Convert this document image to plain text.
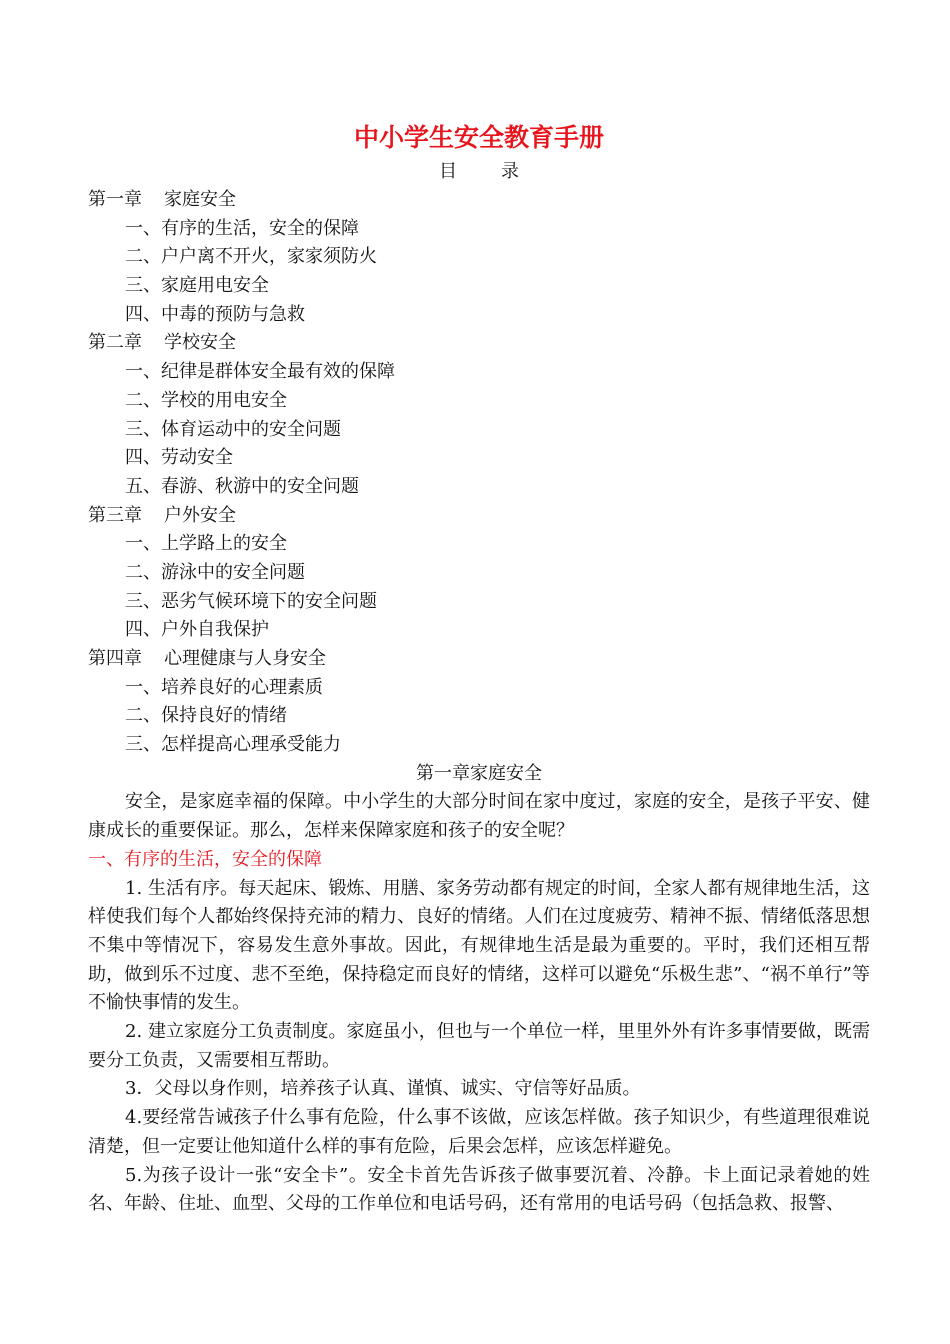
中小学生安全教育手册
目 录
第一章 家庭安全
一、有序的生活，安全的保障
二、户户离不开火，家家须防火
三、家庭用电安全
四、中毒的预防与急救
第二章 学校安全
一、纪律是群体安全最有效的保障
二、学校的用电安全
三、体育运动中的安全问题
四、劳动安全
五、春游、秋游中的安全问题
第三章 户外安全
一、上学路上的安全
二、游泳中的安全问题
三、恶劣气候环境下的安全问题
四、户外自我保护
第四章 心理健康与人身安全
一、培养良好的心理素质
二、保持良好的情绪
三、怎样提高心理承受能力
第一章家庭安全

安全，是家庭幸福的保障。中小学生的大部分时间在家中度过，家庭的安全，是孩子平安、健康成长的重要保证。那么，怎样来保障家庭和孩子的安全呢？

一、有序的生活，安全的保障

1. 生活有序。每天起床、锻炼、用膳、家务劳动都有规定的时间，全家人都有规律地生活，这样使我们每个人都始终保持充沛的精力、良好的情绪。人们在过度疲劳、精神不振、情绪低落思想不集中等情况下，容易发生意外事故。因此，有规律地生活是最为重要的。平时，我们还相互帮助，做到乐不过度、悲不至绝，保持稳定而良好的情绪，这样可以避免“乐极生悲”、“祸不单行”等不愉快事情的发生。

2. 建立家庭分工负责制度。家庭虽小，但也与一个单位一样，里里外外有许多事情要做，既需要分工负责，又需要相互帮助。

3．父母以身作则，培养孩子认真、谨慎、诚实、守信等好品质。

4.要经常告诫孩子什么事有危险，什么事不该做，应该怎样做。孩子知识少，有些道理很难说清楚，但一定要让他知道什么样的事有危险，后果会怎样，应该怎样避免。

5.为孩子设计一张“安全卡”。安全卡首先告诉孩子做事要沉着、冷静。卡上面记录着她的姓名、年龄、住址、血型、父母的工作单位和电话号码，还有常用的电话号码（包括急救、报警、
